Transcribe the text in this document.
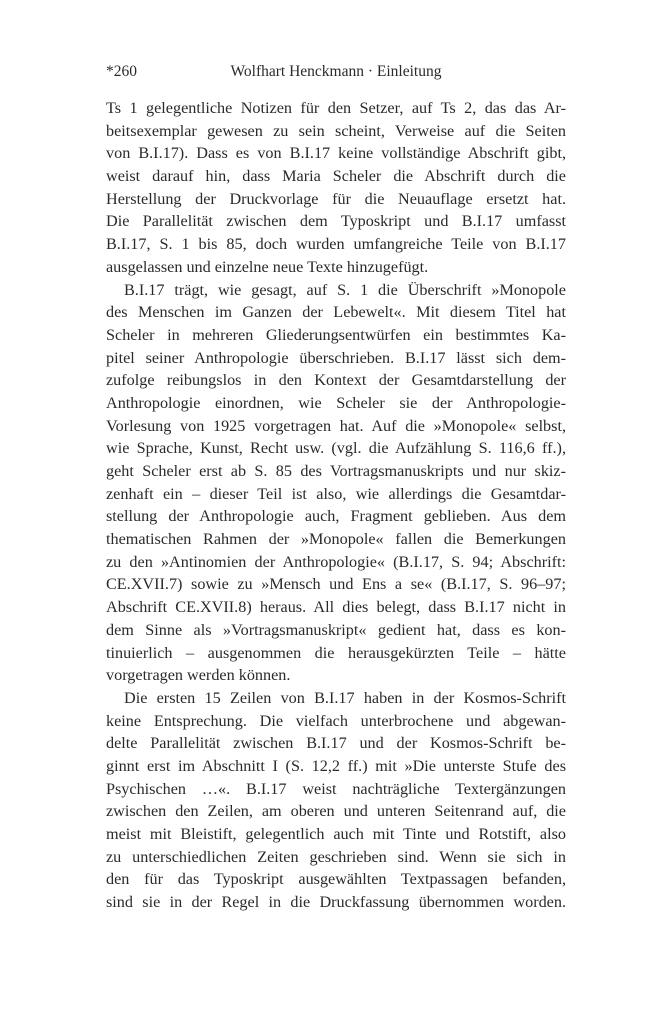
*260	Wolfhart Henckmann · Einleitung

Ts 1 gelegentliche Notizen für den Setzer, auf Ts 2, das das Ar-
beitsexemplar gewesen zu sein scheint, Verweise auf die Seiten
von B.I.17). Dass es von B.I.17 keine vollständige Abschrift gibt,
weist darauf hin, dass Maria Scheler die Abschrift durch die
Herstellung der Druckvorlage für die Neuauflage ersetzt hat.
Die Parallelität zwischen dem Typoskript und B.I.17 umfasst
B.I.17, S. 1 bis 85, doch wurden umfangreiche Teile von B.I.17
ausgelassen und einzelne neue Texte hinzugefügt.

B.I.17 trägt, wie gesagt, auf S. 1 die Überschrift »Monopole
des Menschen im Ganzen der Lebewelt«. Mit diesem Titel hat
Scheler in mehreren Gliederungsentwürfen ein bestimmtes Ka-
pitel seiner Anthropologie überschrieben. B.I.17 lässt sich dem-
zufolge reibungslos in den Kontext der Gesamtdarstellung der
Anthropologie einordnen, wie Scheler sie der Anthropologie-
Vorlesung von 1925 vorgetragen hat. Auf die »Monopole« selbst,
wie Sprache, Kunst, Recht usw. (vgl. die Aufzählung S. 116,6 ff.),
geht Scheler erst ab S. 85 des Vortragsmanuskripts und nur skiz-
zenhaft ein – dieser Teil ist also, wie allerdings die Gesamtdar-
stellung der Anthropologie auch, Fragment geblieben. Aus dem
thematischen Rahmen der »Monopole« fallen die Bemerkungen
zu den »Antinomien der Anthropologie« (B.I.17, S. 94; Abschrift:
CE.XVII.7) sowie zu »Mensch und Ens a se« (B.I.17, S. 96–97;
Abschrift CE.XVII.8) heraus. All dies belegt, dass B.I.17 nicht in
dem Sinne als »Vortragsmanuskript« gedient hat, dass es kon-
tinuierlich – ausgenommen die herausgekürzten Teile – hätte
vorgetragen werden können.

Die ersten 15 Zeilen von B.I.17 haben in der Kosmos-Schrift
keine Entsprechung. Die vielfach unterbrochene und abgewan-
delte Parallelität zwischen B.I.17 und der Kosmos-Schrift be-
ginnt erst im Abschnitt I (S. 12,2 ff.) mit »Die unterste Stufe des
Psychischen …«. B.I.17 weist nachträgliche Textergänzungen
zwischen den Zeilen, am oberen und unteren Seitenrand auf, die
meist mit Bleistift, gelegentlich auch mit Tinte und Rotstift, also
zu unterschiedlichen Zeiten geschrieben sind. Wenn sie sich in
den für das Typoskript ausgewählten Textpassagen befanden,
sind sie in der Regel in die Druckfassung übernommen worden.
